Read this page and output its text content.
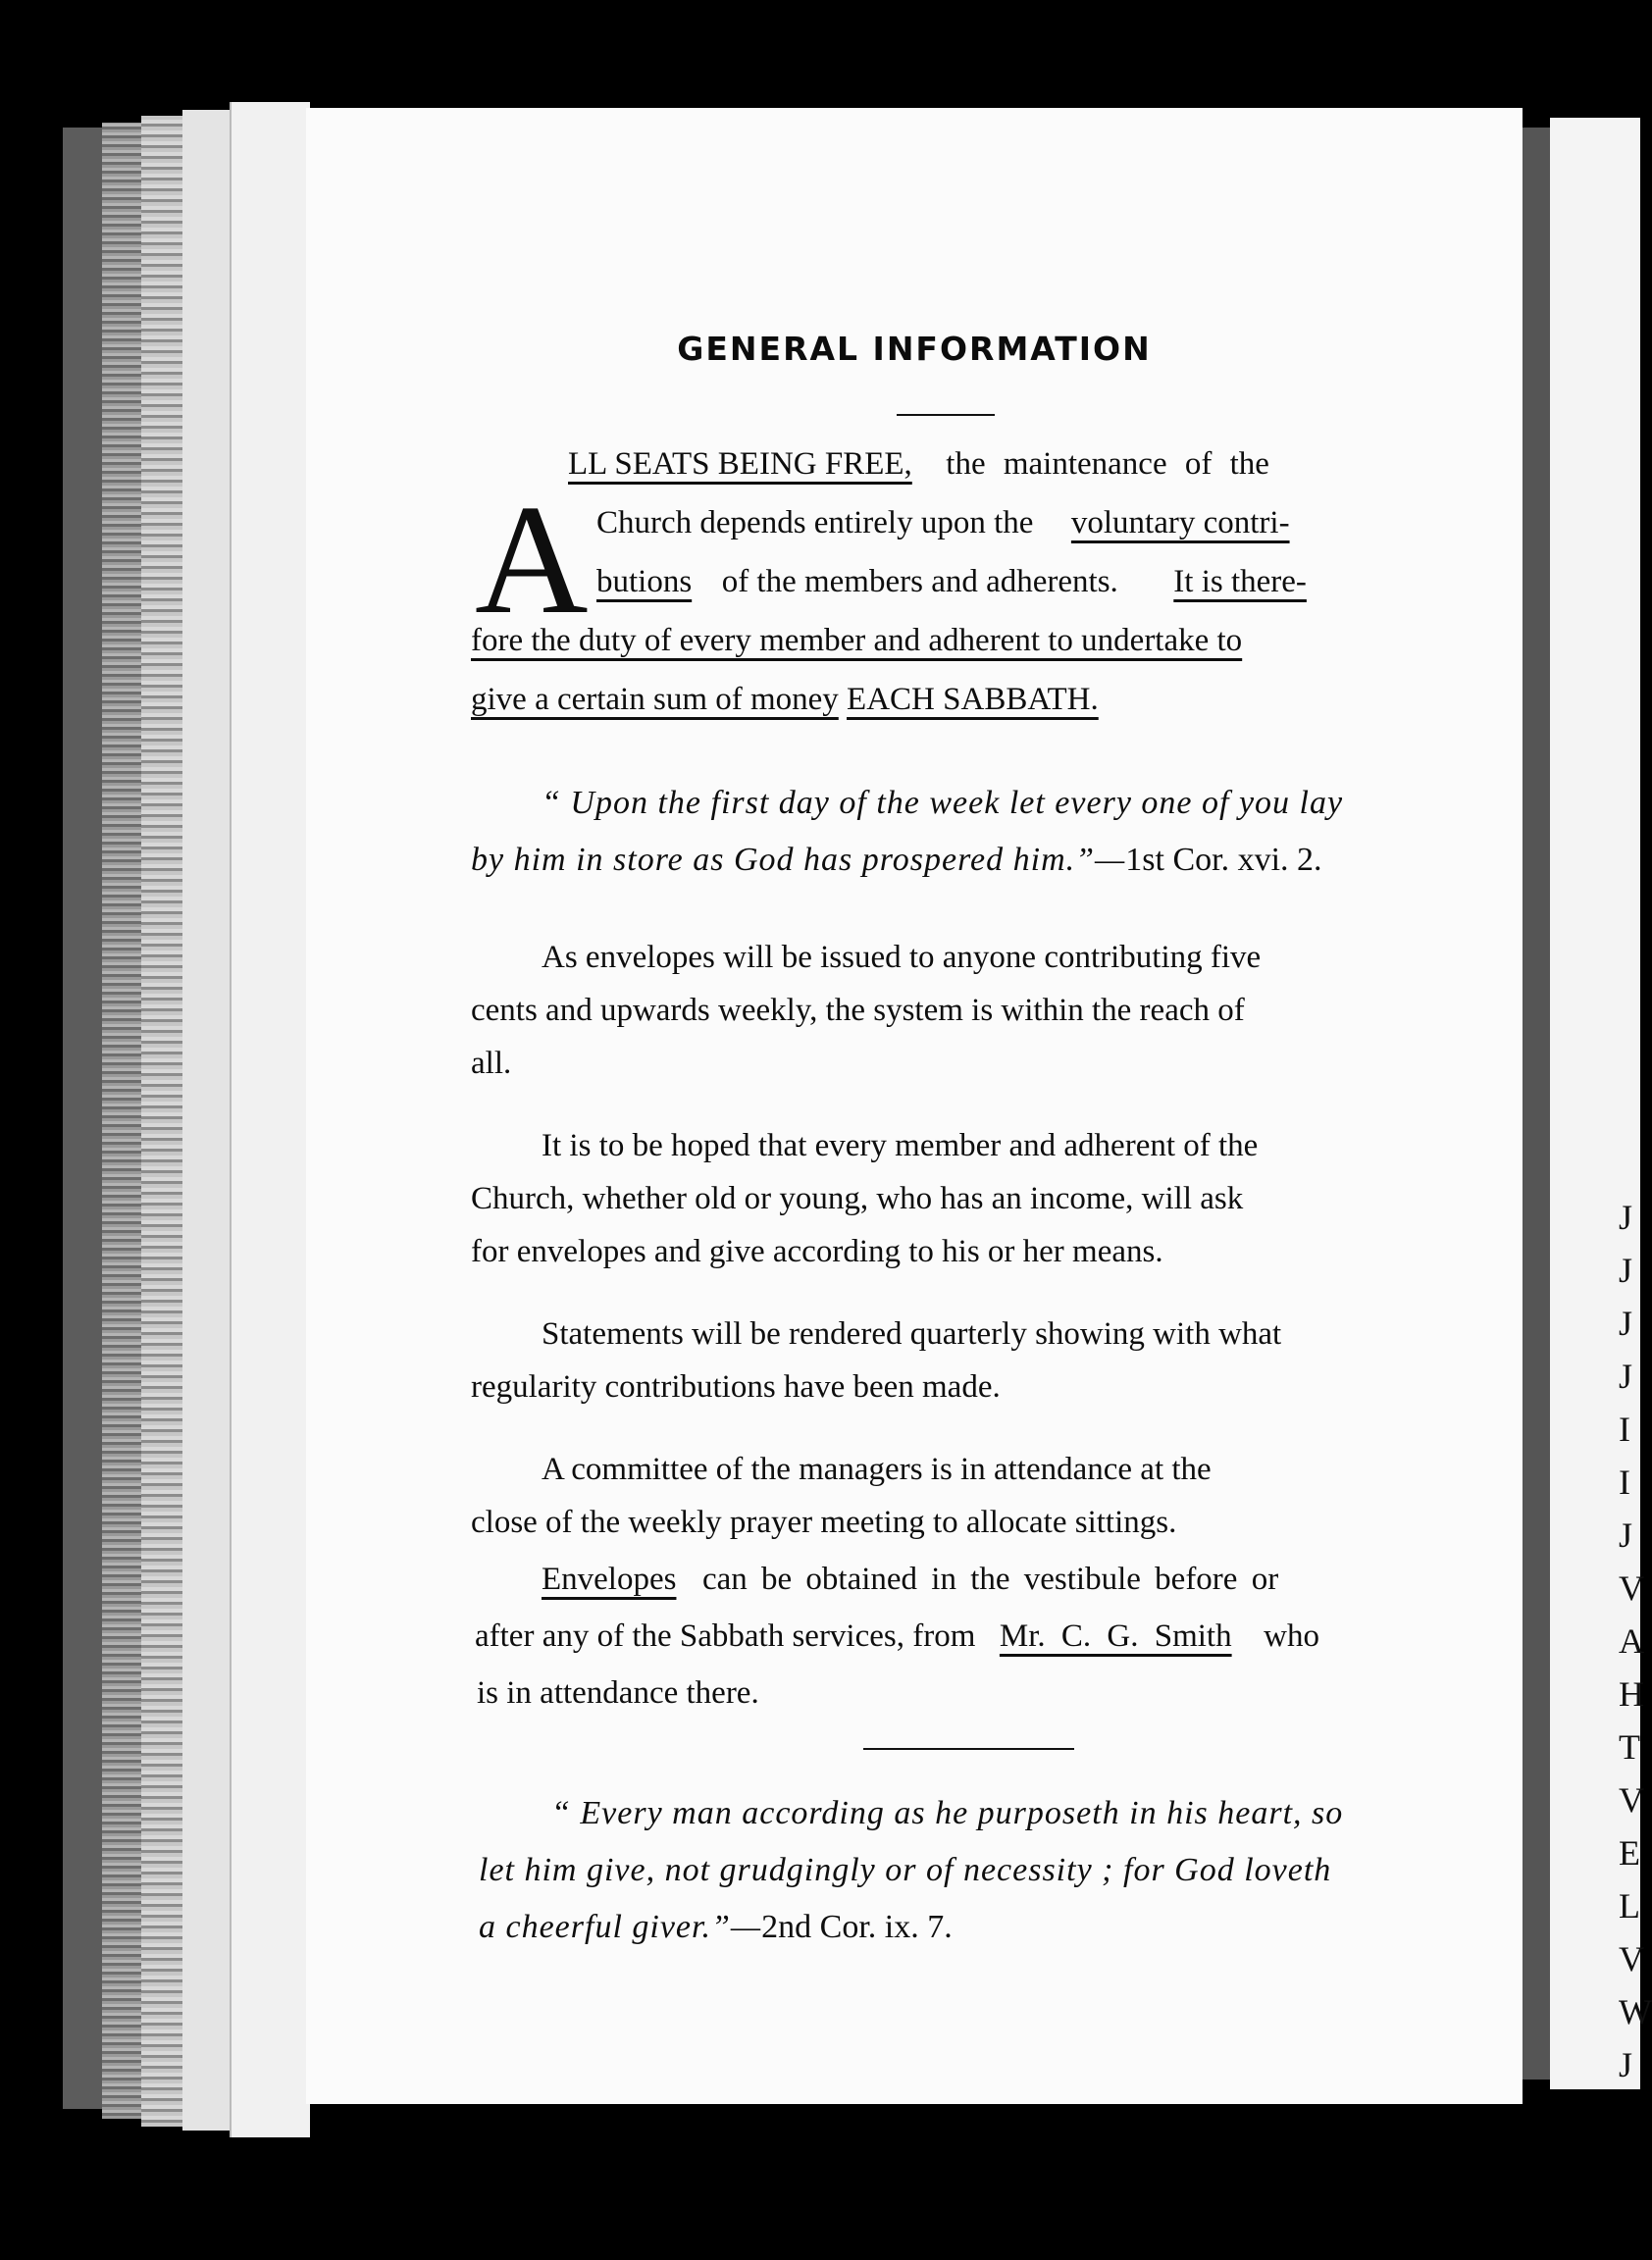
J
J
J
J
I
I
J
V
A
H
T
V
E
L
V
W
J
GENERAL INFORMATION
A
LL SEATS BEING FREE, the maintenance of the
Church depends entirely upon the voluntary contri-
butions of the members and adherents. It is there-
fore the duty of every member and adherent to undertake to
give a certain sum of money EACH SABBATH.
“ Upon the first day of the week let every one of you lay
by him in store as God has prospered him.”—1st Cor. xvi. 2.
As envelopes will be issued to anyone contributing five
cents and upwards weekly, the system is within the reach of
all.
It is to be hoped that every member and adherent of the
Church, whether old or young, who has an income, will ask
for envelopes and give according to his or her means.
Statements will be rendered quarterly showing with what
regularity contributions have been made.
A committee of the managers is in attendance at the
close of the weekly prayer meeting to allocate sittings.
Envelopes can be obtained in the vestibule before or
after any of the Sabbath services, from Mr. C. G. Smith who
is in attendance there.
“ Every man according as he purposeth in his heart, so
let him give, not grudgingly or of necessity ; for God loveth
a cheerful giver.”—2nd Cor. ix. 7.
